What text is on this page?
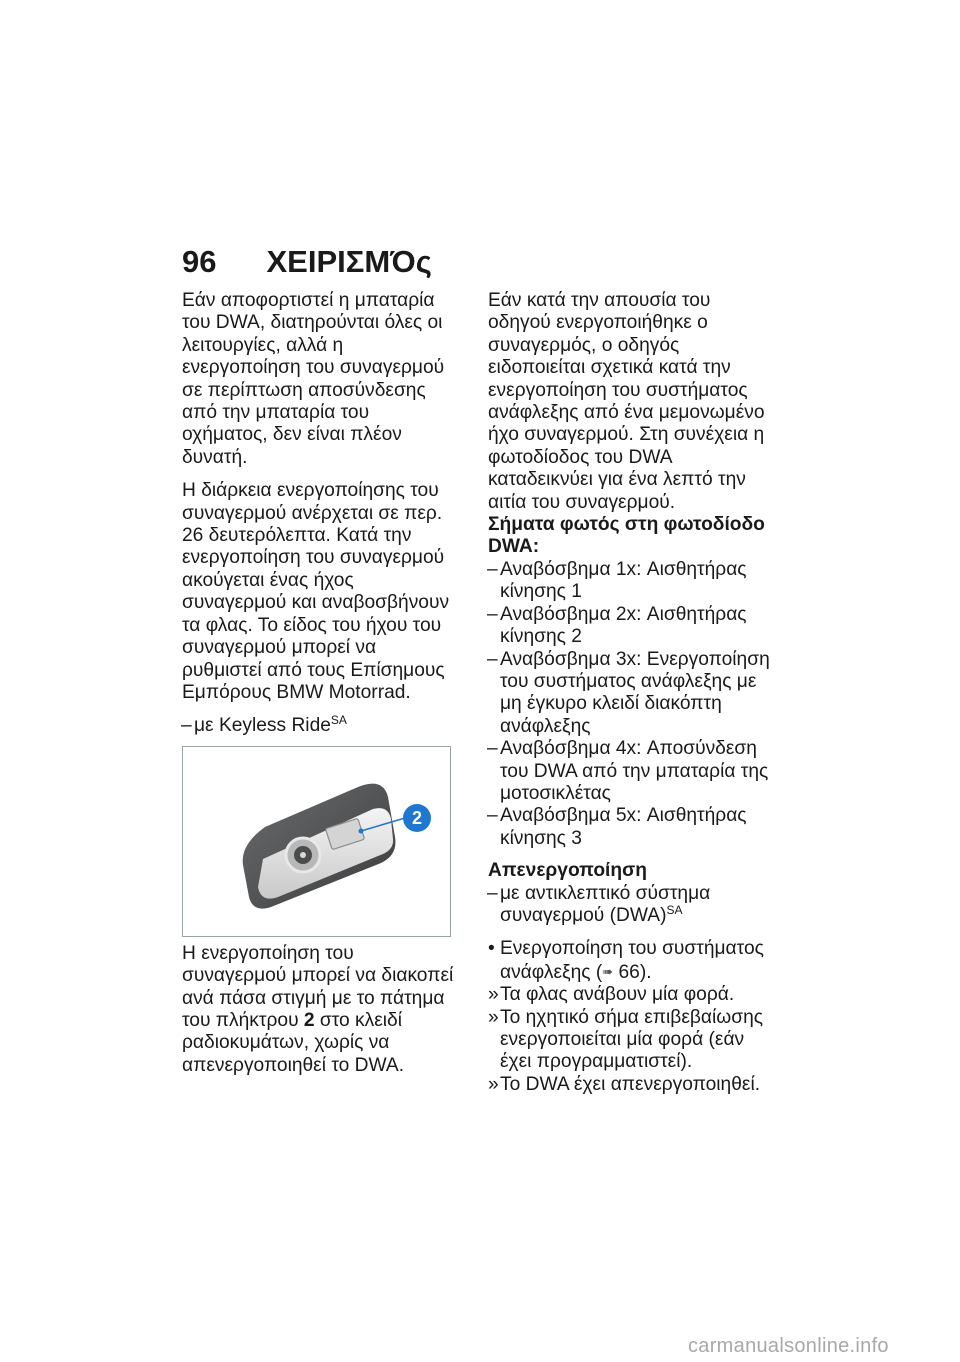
96 ΧΕΙΡΙΣΜΌς

Εάν αποφορτιστεί η μπαταρία του DWA, διατηρούνται όλες οι λειτουργίες, αλλά η ενεργοποίηση του συναγερμού σε περίπτωση αποσύνδεσης από την μπαταρία του οχήματος, δεν είναι πλέον δυνατή.

Η διάρκεια ενεργοποίησης του συναγερμού ανέρχεται σε περ. 26 δευτερόλεπτα. Κατά την ενεργοποίηση του συναγερμού ακούγεται ένας ήχος συναγερμού και αναβοσβήνουν τα φλας. Το είδος του ήχου του συναγερμού μπορεί να ρυθμιστεί από τους Επίσημους Εμπόρους BMW Motorrad.

– με Keyless Ride$^{SA}$
2

Η ενεργοποίηση του συναγερμού μπορεί να διακοπεί ανά πάσα στιγμή με το πάτημα του πλήκτρου 2 στο κλειδί ραδιοκυμάτων, χωρίς να απενεργοποιηθεί το DWA.

Εάν κατά την απουσία του οδηγού ενεργοποιήθηκε ο συναγερμός, ο οδηγός ειδοποιείται σχετικά κατά την ενεργοποίηση του συστήματος ανάφλεξης από ένα μεμονωμένο ήχο συναγερμού. Στη συνέχεια η φωτοδίοδος του DWA καταδεικνύει για ένα λεπτό την αιτία του συναγερμού.

Σήματα φωτός στη φωτοδίοδο DWA:
– Αναβόσβημα 1x: Αισθητήρας κίνησης 1
– Αναβόσβημα 2x: Αισθητήρας κίνησης 2
– Αναβόσβημα 3x: Ενεργοποίηση του συστήματος ανάφλεξης με μη έγκυρο κλειδί διακόπτη ανάφλεξης
– Αναβόσβημα 4x: Αποσύνδεση του DWA από την μπαταρία της μοτοσικλέτας
– Αναβόσβημα 5x: Αισθητήρας κίνησης 3
Απενεργοποίηση
– με αντικλεπτικό σύστημα συναγερμού (DWA)$^{SA}$
• Ενεργοποίηση του συστήματος ανάφλεξης (➠ 66).
» Τα φλας ανάβουν μία φορά.
» Το ηχητικό σήμα επιβεβαίωσης ενεργοποιείται μία φορά (εάν έχει προγραμματιστεί).
» Το DWA έχει απενεργοποιηθεί.
carmanualsonline.info
